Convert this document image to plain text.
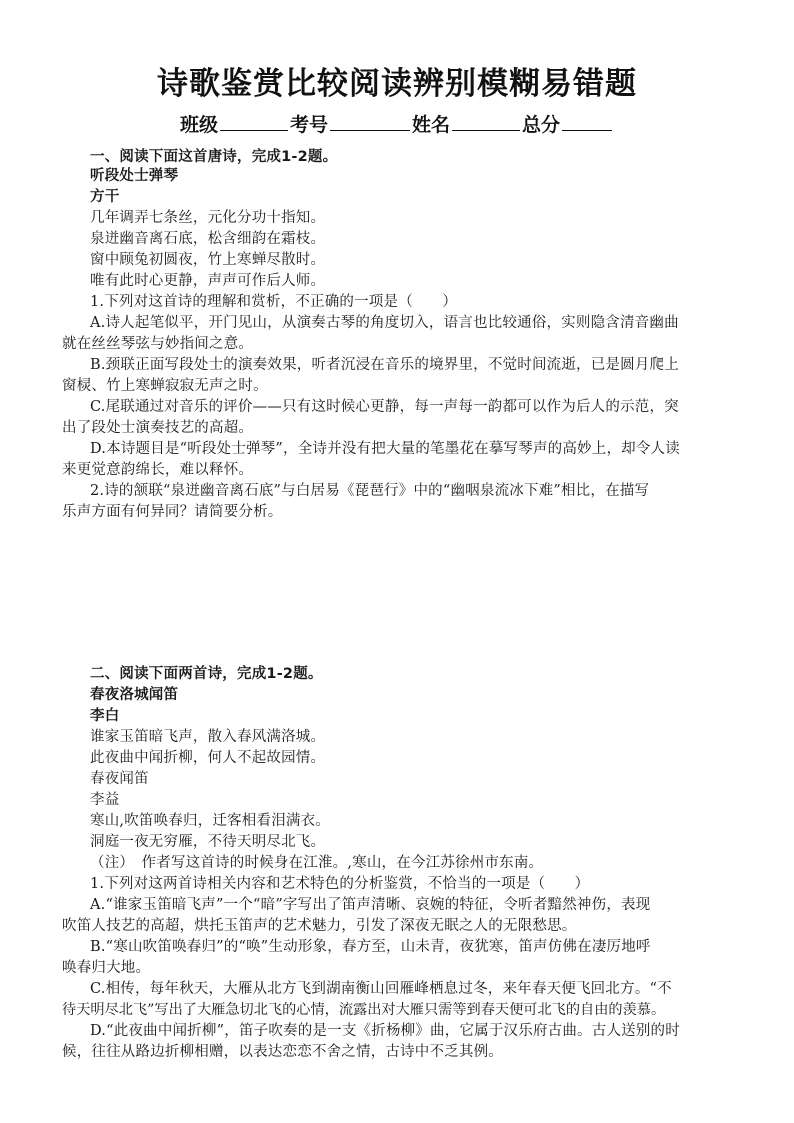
诗歌鉴赏比较阅读辨别模糊易错题
班级	考号	姓名	总分
一、阅读下面这首唐诗，完成1-2题。
听段处士弹琴
方干
几年调弄七条丝，元化分功十指知。
泉迸幽音离石底，松含细韵在霜枝。
窗中顾兔初圆夜，竹上寒蝉尽散时。
唯有此时心更静，声声可作后人师。
1.下列对这首诗的理解和赏析，不正确的一项是（　　）
A.诗人起笔似平，开门见山，从演奏古琴的角度切入，语言也比较通俗，实则隐含清音幽曲
就在丝丝琴弦与妙指间之意。
B.颈联正面写段处士的演奏效果，听者沉浸在音乐的境界里，不觉时间流逝，已是圆月爬上
窗棂、竹上寒蝉寂寂无声之时。
C.尾联通过对音乐的评价——只有这时候心更静，每一声每一韵都可以作为后人的示范，突
出了段处士演奏技艺的高超。
D.本诗题目是“听段处士弹琴”，全诗并没有把大量的笔墨花在摹写琴声的高妙上，却令人读
来更觉意韵绵长，难以释怀。
2.诗的颔联“泉迸幽音离石底”与白居易《琵琶行》中的“幽咽泉流冰下难”相比，在描写
乐声方面有何异同？请简要分析。
二、阅读下面两首诗，完成1-2题。
春夜洛城闻笛
李白
谁家玉笛暗飞声，散入春风满洛城。
此夜曲中闻折柳，何人不起故园情。
春夜闻笛
李益
寒山,吹笛唤春归，迁客相看泪满衣。
洞庭一夜无穷雁，不待天明尽北飞。
（注）　作者写这首诗的时候身在江淮。,寒山，在今江苏徐州市东南。
1.下列对这两首诗相关内容和艺术特色的分析鉴赏，不恰当的一项是（　　）
A.“谁家玉笛暗飞声”一个“暗”字写出了笛声清晰、哀婉的特征，令听者黯然神伤，表现
吹笛人技艺的高超，烘托玉笛声的艺术魅力，引发了深夜无眠之人的无限愁思。
B.“寒山吹笛唤春归”的“唤”生动形象，春方至，山未青，夜犹寒，笛声仿佛在凄厉地呼
唤春归大地。
C.相传，每年秋天，大雁从北方飞到湖南衡山回雁峰栖息过冬，来年春天便飞回北方。“不
待天明尽北飞”写出了大雁急切北飞的心情，流露出对大雁只需等到春天便可北飞的自由的羡慕。
D.“此夜曲中闻折柳”，笛子吹奏的是一支《折杨柳》曲，它属于汉乐府古曲。古人送别的时
候，往往从路边折柳相赠，以表达恋恋不舍之情，古诗中不乏其例。
